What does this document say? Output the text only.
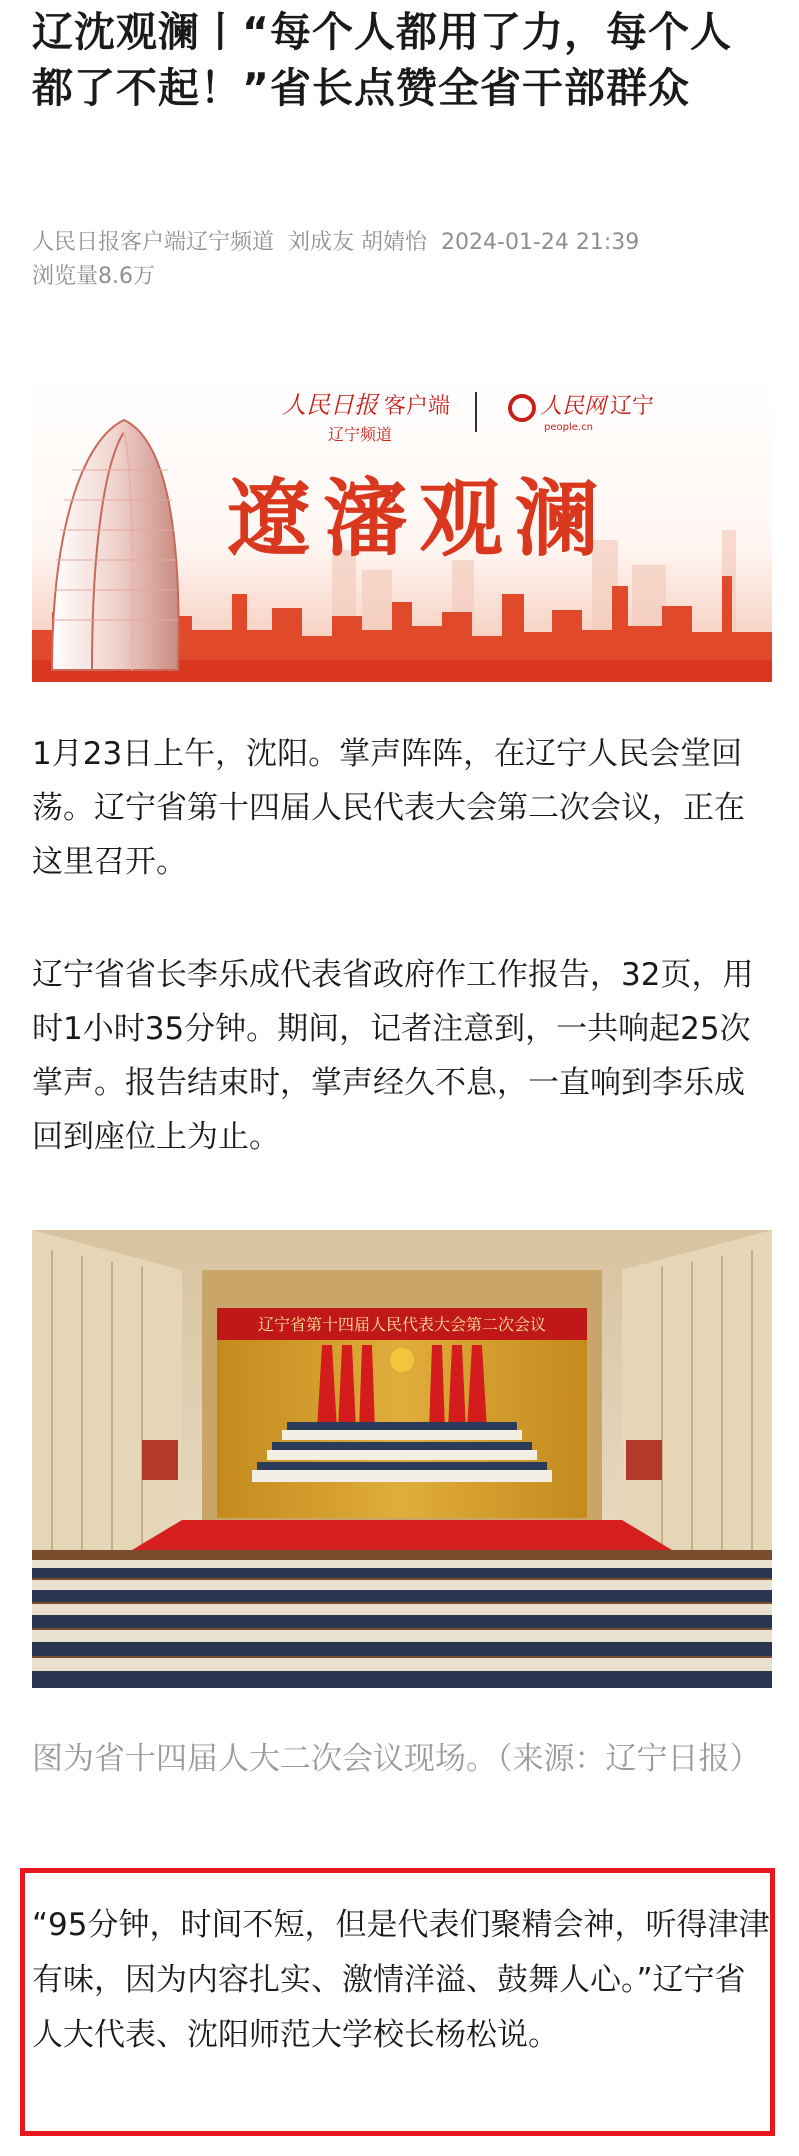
辽沈观澜丨“每个人都用了力，每个人都了不起！”省长点赞全省干部群众
人民日报客户端辽宁频道 刘成友 胡婧怡 2024-01-24 21:39
浏览量8.6万
人民日报 客户端
辽宁频道
人民网
people.cn
辽宁
遼瀋观澜

1月23日上午，沈阳。掌声阵阵，在辽宁人民会堂回荡。辽宁省第十四届人民代表大会第二次会议，正在这里召开。

辽宁省省长李乐成代表省政府作工作报告，32页，用时1小时35分钟。期间，记者注意到，一共响起25次掌声。报告结束时，掌声经久不息，一直响到李乐成回到座位上为止。

辽宁省第十四届人民代表大会第二次会议

图为省十四届人大二次会议现场。（来源：辽宁日报）

“95分钟，时间不短，但是代表们聚精会神，听得津津有味，因为内容扎实、激情洋溢、鼓舞人心。”辽宁省人大代表、沈阳师范大学校长杨松说。
